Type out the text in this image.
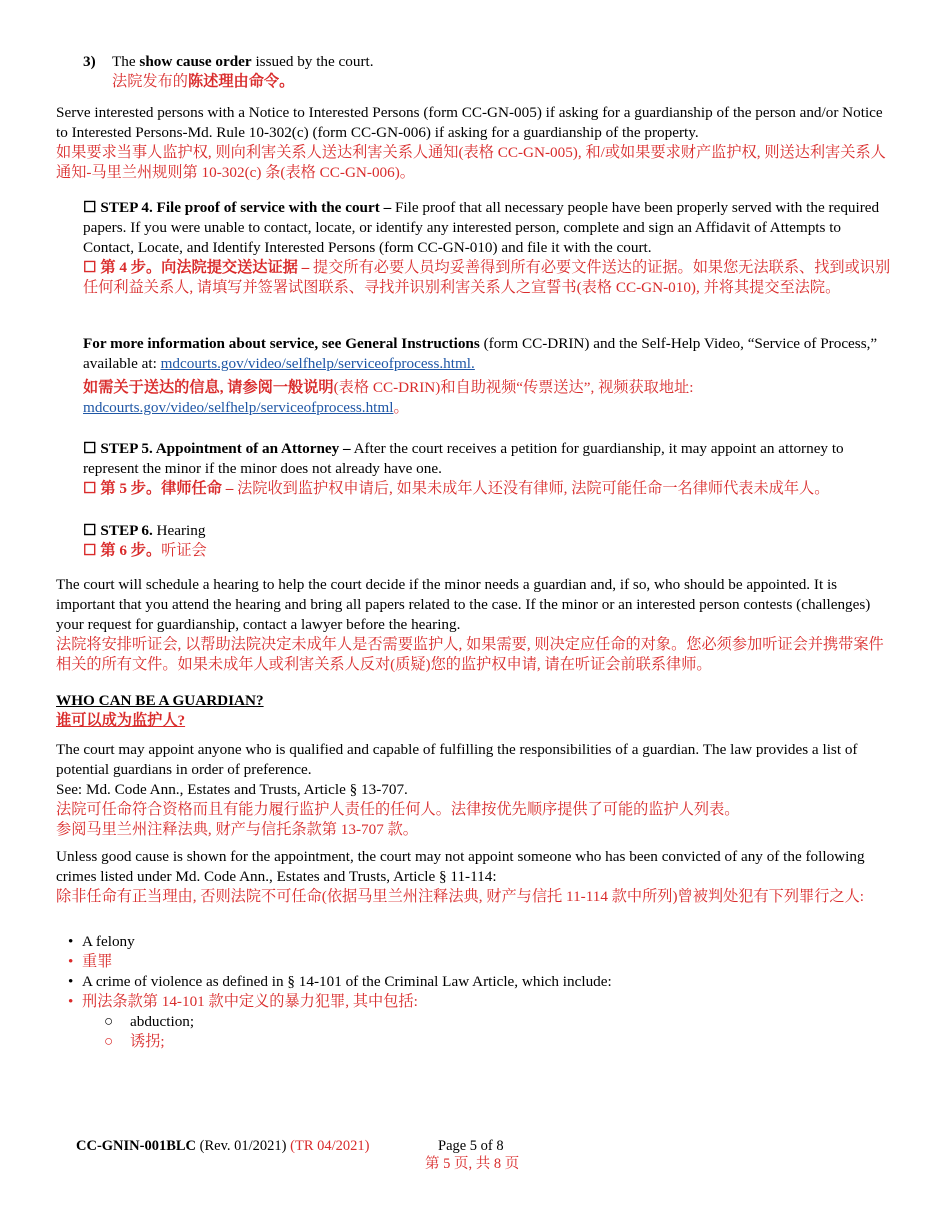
3) The show cause order issued by the court.

法院发布的陈述理由命令。

Serve interested persons with a Notice to Interested Persons (form CC-GN-005) if asking for a guardianship of the person and/or Notice to Interested Persons-Md. Rule 10-302(c) (form CC-GN-006) if asking for a guardianship of the property.

如果要求当事人监护权, 则向利害关系人送达利害关系人通知(表格 CC-GN-005), 和/或如果要求财产监护权, 则送达利害关系人通知-马里兰州规则第 10-302(c) 条(表格 CC-GN-006)。

☐ STEP 4. File proof of service with the court – File proof that all necessary people have been properly served with the required papers. If you were unable to contact, locate, or identify any interested person, complete and sign an Affidavit of Attempts to Contact, Locate, and Identify Interested Persons (form CC-GN-010) and file it with the court.

☐ 第 4 步。向法院提交送达证据 – 提交所有必要人员均妥善得到所有必要文件送达的证据。如果您无法联系、找到或识别任何利益关系人, 请填写并签署试图联系、寻找并识别利害关系人之宣誓书(表格 CC-GN-010), 并将其提交至法院。

For more information about service, see General Instructions (form CC-DRIN) and the Self-Help Video, “Service of Process,” available at: mdcourts.gov/video/selfhelp/serviceofprocess.html.

如需关于送达的信息, 请参阅一般说明(表格 CC-DRIN)和自助视频“传票送达”, 视频获取地址:
mdcourts.gov/video/selfhelp/serviceofprocess.html。

☐ STEP 5. Appointment of an Attorney – After the court receives a petition for guardianship, it may appoint an attorney to represent the minor if the minor does not already have one.

☐ 第 5 步。律师任命 – 法院收到监护权申请后, 如果未成年人还没有律师, 法院可能任命一名律师代表未成年人。

☐ STEP 6. Hearing

☐ 第 6 步。听证会

The court will schedule a hearing to help the court decide if the minor needs a guardian and, if so, who should be appointed. It is important that you attend the hearing and bring all papers related to the case. If the minor or an interested person contests (challenges) your request for guardianship, contact a lawyer before the hearing.

法院将安排听证会, 以帮助法院决定未成年人是否需要监护人, 如果需要, 则决定应任命的对象。您必须参加听证会并携带案件相关的所有文件。如果未成年人或利害关系人反对(质疑)您的监护权申请, 请在听证会前联系律师。

WHO CAN BE A GUARDIAN?

谁可以成为监护人?

The court may appoint anyone who is qualified and capable of fulfilling the responsibilities of a guardian. The law provides a list of potential guardians in order of preference.

See: Md. Code Ann., Estates and Trusts, Article § 13-707.

法院可任命符合资格而且有能力履行监护人责任的任何人。法律按优先顺序提供了可能的监护人列表。

参阅马里兰州注释法典, 财产与信托条款第 13-707 款。

Unless good cause is shown for the appointment, the court may not appoint someone who has been convicted of any of the following crimes listed under Md. Code Ann., Estates and Trusts, Article § 11-114:

除非任命有正当理由, 否则法院不可任命(依据马里兰州注释法典, 财产与信托 11-114 款中所列)曾被判处犯有下列罪行之人:

• A felony
• 重罪
• A crime of violence as defined in § 14-101 of the Criminal Law Article, which include:
• 刑法条款第 14-101 款中定义的暴力犯罪, 其中包括:
○ abduction;
○ 诱拐;
CC-GNIN-001BLC (Rev. 01/2021) (TR 04/2021)	Page 5 of 8
第 5 页, 共 8 页
